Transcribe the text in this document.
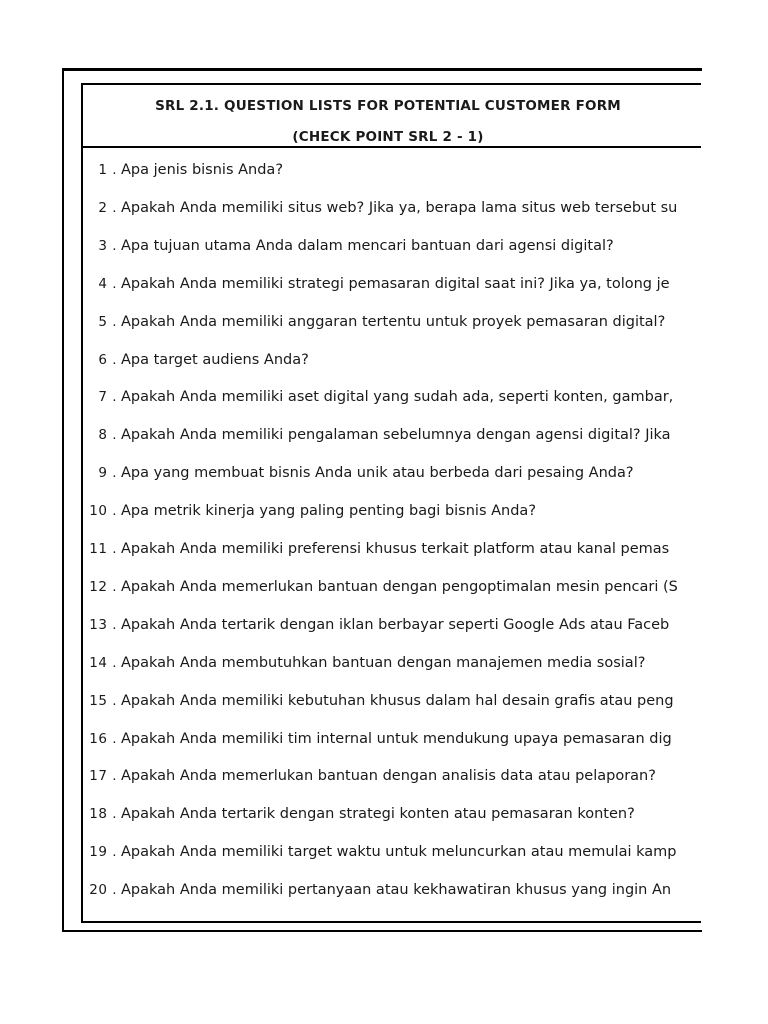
SRL 2.1. QUESTION LISTS FOR POTENTIAL CUSTOMER FORM
(CHECK POINT SRL 2 - 1)
1 . Apa jenis bisnis Anda?
2 . Apakah Anda memiliki situs web? Jika ya, berapa lama situs web tersebut su
3 . Apa tujuan utama Anda dalam mencari bantuan dari agensi digital?
4 . Apakah Anda memiliki strategi pemasaran digital saat ini? Jika ya, tolong je
5 . Apakah Anda memiliki anggaran tertentu untuk proyek pemasaran digital?
6 . Apa target audiens Anda?
7 . Apakah Anda memiliki aset digital yang sudah ada, seperti konten, gambar,
8 . Apakah Anda memiliki pengalaman sebelumnya dengan agensi digital? Jika
9 . Apa yang membuat bisnis Anda unik atau berbeda dari pesaing Anda?
10 . Apa metrik kinerja yang paling penting bagi bisnis Anda?
11 . Apakah Anda memiliki preferensi khusus terkait platform atau kanal pemas
12 . Apakah Anda memerlukan bantuan dengan pengoptimalan mesin pencari (S
13 . Apakah Anda tertarik dengan iklan berbayar seperti Google Ads atau Faceb
14 . Apakah Anda membutuhkan bantuan dengan manajemen media sosial?
15 . Apakah Anda memiliki kebutuhan khusus dalam hal desain grafis atau peng
16 . Apakah Anda memiliki tim internal untuk mendukung upaya pemasaran dig
17 . Apakah Anda memerlukan bantuan dengan analisis data atau pelaporan?
18 . Apakah Anda tertarik dengan strategi konten atau pemasaran konten?
19 . Apakah Anda memiliki target waktu untuk meluncurkan atau memulai kamp
20 . Apakah Anda memiliki pertanyaan atau kekhawatiran khusus yang ingin An
